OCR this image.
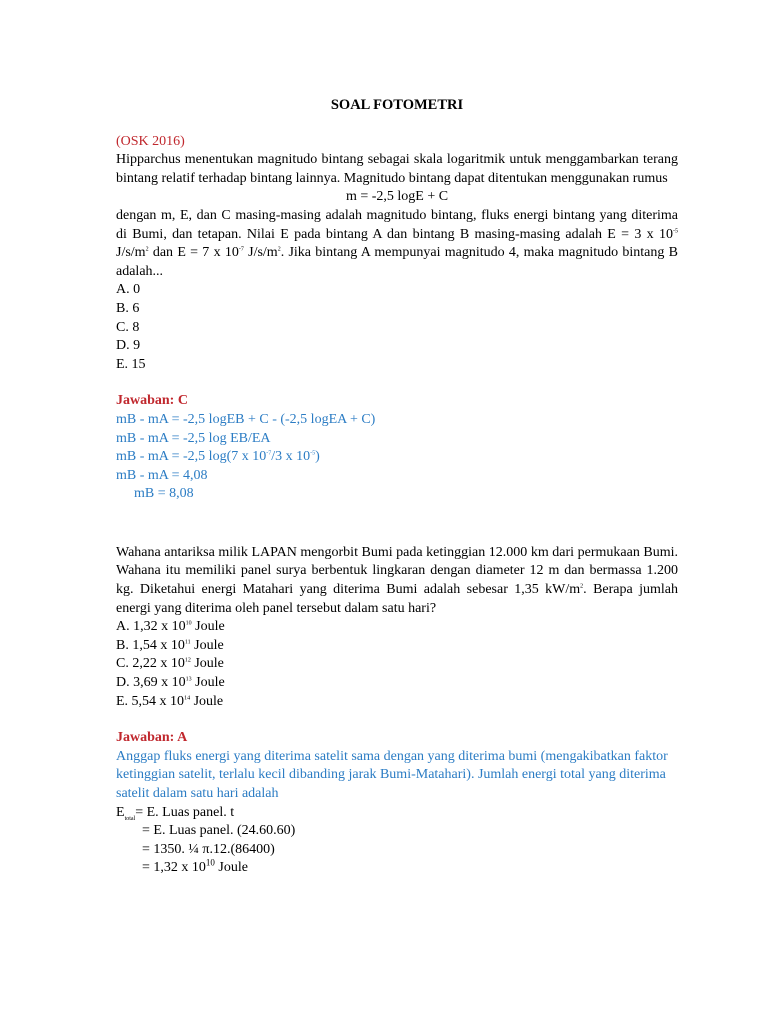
SOAL FOTOMETRI
(OSK 2016)
Hipparchus menentukan magnitudo bintang sebagai skala logaritmik untuk menggambarkan terang bintang relatif terhadap bintang lainnya. Magnitudo bintang dapat ditentukan menggunakan rumus
m = -2,5 logE + C
dengan m, E, dan C masing-masing adalah magnitudo bintang, fluks energi bintang yang diterima di Bumi, dan tetapan. Nilai E pada bintang A dan bintang B masing-masing adalah E = 3 x $10^{-5}$ $J/s/m^2$ dan E = 7 x $10^{-7}$ $J/s/m^2$. Jika bintang A mempunyai magnitudo 4, maka magnitudo bintang B adalah...
A. 0
B. 6
C. 8
D. 9
E. 15
Jawaban: C
mB - mA = -2,5 logEB + C - (-2,5 logEA + C)
mB - mA = -2,5 log EB/EA
mB - mA = -2,5 log(7 x $10^{-7}/3$ x $10^{-5}$)
mB - mA = 4,08
mB = 8,08
Wahana antariksa milik LAPAN mengorbit Bumi pada ketinggian 12.000 km dari permukaan Bumi. Wahana itu memiliki panel surya berbentuk lingkaran dengan diameter 12 m dan bermassa 1.200 kg. Diketahui energi Matahari yang diterima Bumi adalah sebesar 1,35 $kW/m^2$. Berapa jumlah energi yang diterima oleh panel tersebut dalam satu hari?
A. 1,32 x $10^{10}$ Joule
B. 1,54 x $10^{11}$ Joule
C. 2,22 x $10^{12}$ Joule
D. 3,69 x $10^{13}$ Joule
E. 5,54 x $10^{14}$ Joule
Jawaban: A
Anggap fluks energi yang diterima satelit sama dengan yang diterima bumi (mengakibatkan faktor ketinggian satelit, terlalu kecil dibanding jarak Bumi-Matahari). Jumlah energi total yang diterima satelit dalam satu hari adalah
$E_{total}= E$. Luas panel. t
= E. Luas panel. (24.60.60)
= 1350. ¼ π.12.(86400)
= 1,32 x $10^{10}$ Joule
